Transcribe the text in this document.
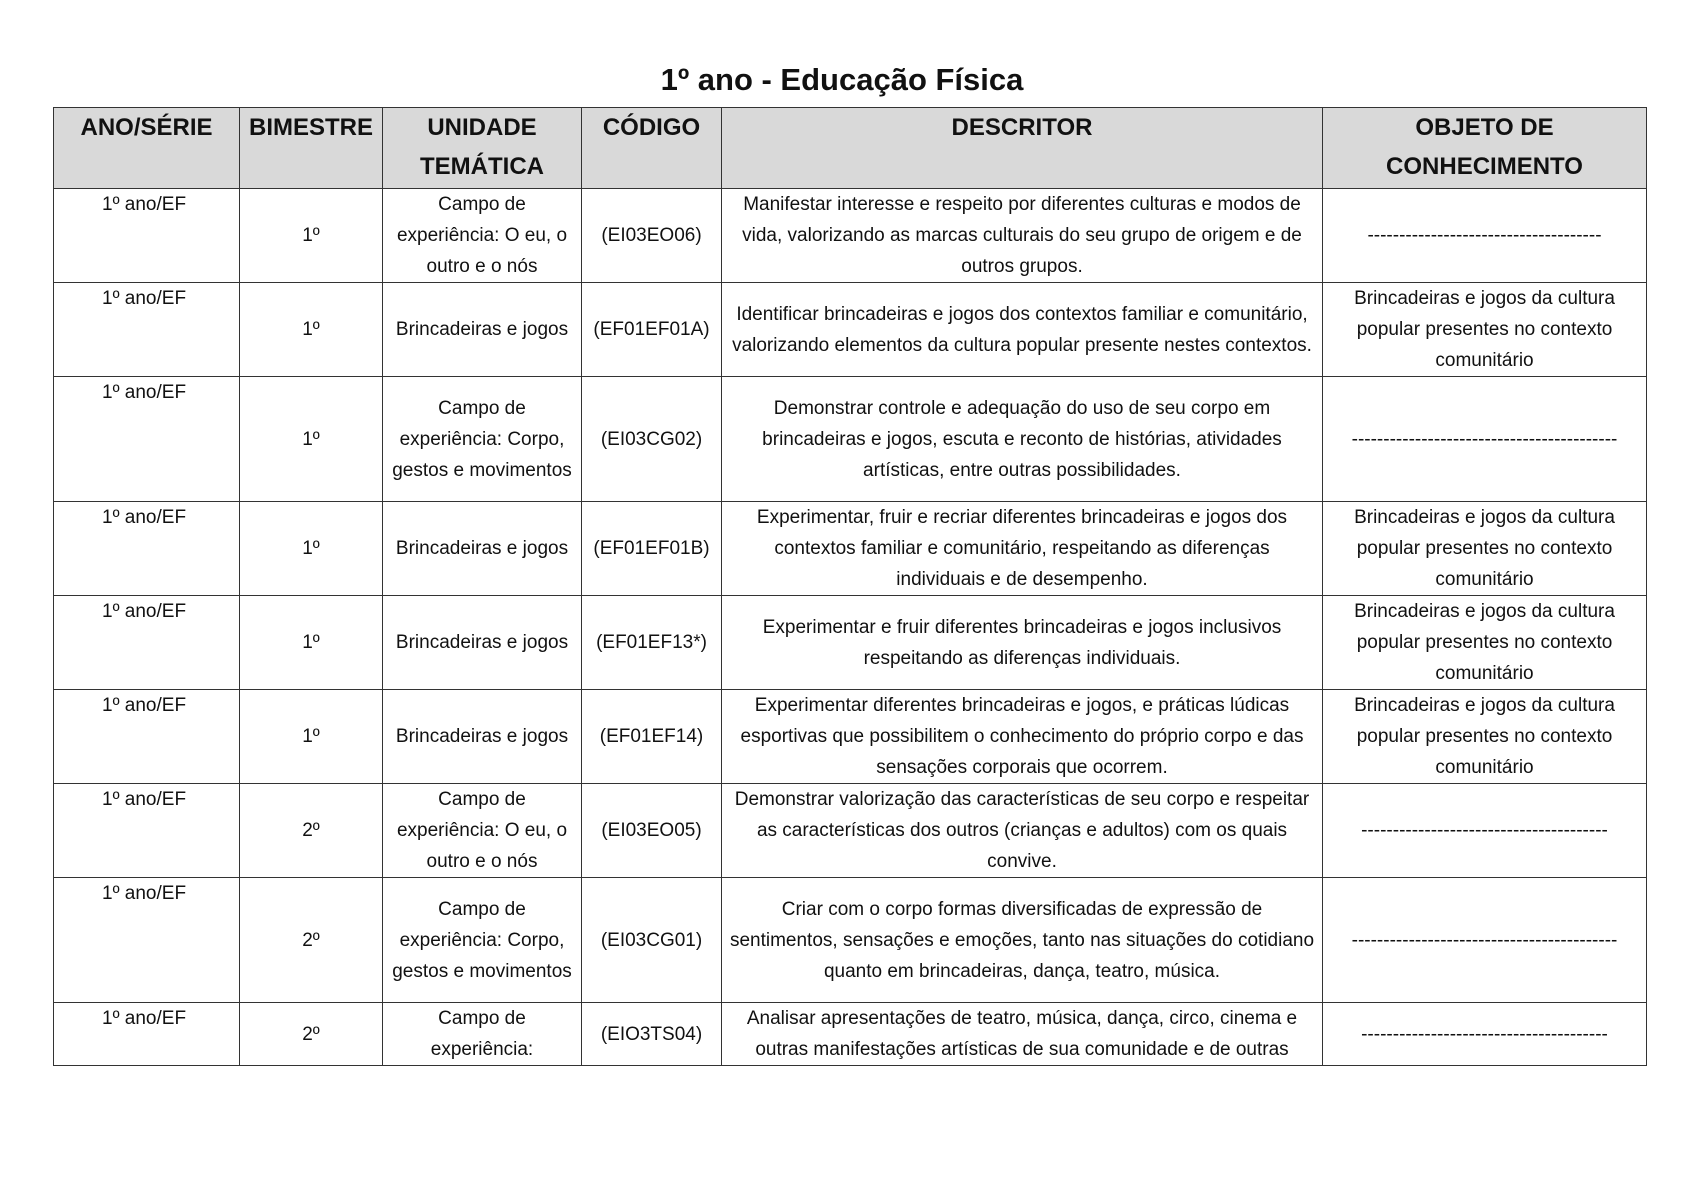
1º ano - Educação Física
ANO/SÉRIE	BIMESTRE	UNIDADE TEMÁTICA	CÓDIGO	DESCRITOR	OBJETO DE CONHECIMENTO
1º ano/EF	1º	Campo de experiência: O eu, o outro e o nós	(EI03EO06)	Manifestar interesse e respeito por diferentes culturas e modos de vida, valorizando as marcas culturais do seu grupo de origem e de outros grupos.	-------------------------------------
1º ano/EF	1º	Brincadeiras e jogos	(EF01EF01A)	Identificar brincadeiras e jogos dos contextos familiar e comunitário, valorizando elementos da cultura popular presente nestes contextos.	Brincadeiras e jogos da cultura popular presentes no contexto comunitário
1º ano/EF	1º	Campo de experiência: Corpo, gestos e movimentos	(EI03CG02)	Demonstrar controle e adequação do uso de seu corpo em brincadeiras e jogos, escuta e reconto de histórias, atividades artísticas, entre outras possibilidades.	------------------------------------------
1º ano/EF	1º	Brincadeiras e jogos	(EF01EF01B)	Experimentar, fruir e recriar diferentes brincadeiras e jogos dos contextos familiar e comunitário, respeitando as diferenças individuais e de desempenho.	Brincadeiras e jogos da cultura popular presentes no contexto comunitário
1º ano/EF	1º	Brincadeiras e jogos	(EF01EF13*)	Experimentar e fruir diferentes brincadeiras e jogos inclusivos respeitando as diferenças individuais.	Brincadeiras e jogos da cultura popular presentes no contexto comunitário
1º ano/EF	1º	Brincadeiras e jogos	(EF01EF14)	Experimentar diferentes brincadeiras e jogos, e práticas lúdicas esportivas que possibilitem o conhecimento do próprio corpo e das sensações corporais que ocorrem.	Brincadeiras e jogos da cultura popular presentes no contexto comunitário
1º ano/EF	2º	Campo de experiência: O eu, o outro e o nós	(EI03EO05)	Demonstrar valorização das características de seu corpo e respeitar as características dos outros (crianças e adultos) com os quais convive.	---------------------------------------
1º ano/EF	2º	Campo de experiência: Corpo, gestos e movimentos	(EI03CG01)	Criar com o corpo formas diversificadas de expressão de sentimentos, sensações e emoções, tanto nas situações do cotidiano quanto em brincadeiras, dança, teatro, música.	------------------------------------------
1º ano/EF	2º	Campo de experiência:	(EIO3TS04)	Analisar apresentações de teatro, música, dança, circo, cinema e outras manifestações artísticas de sua comunidade e de outras	---------------------------------------
